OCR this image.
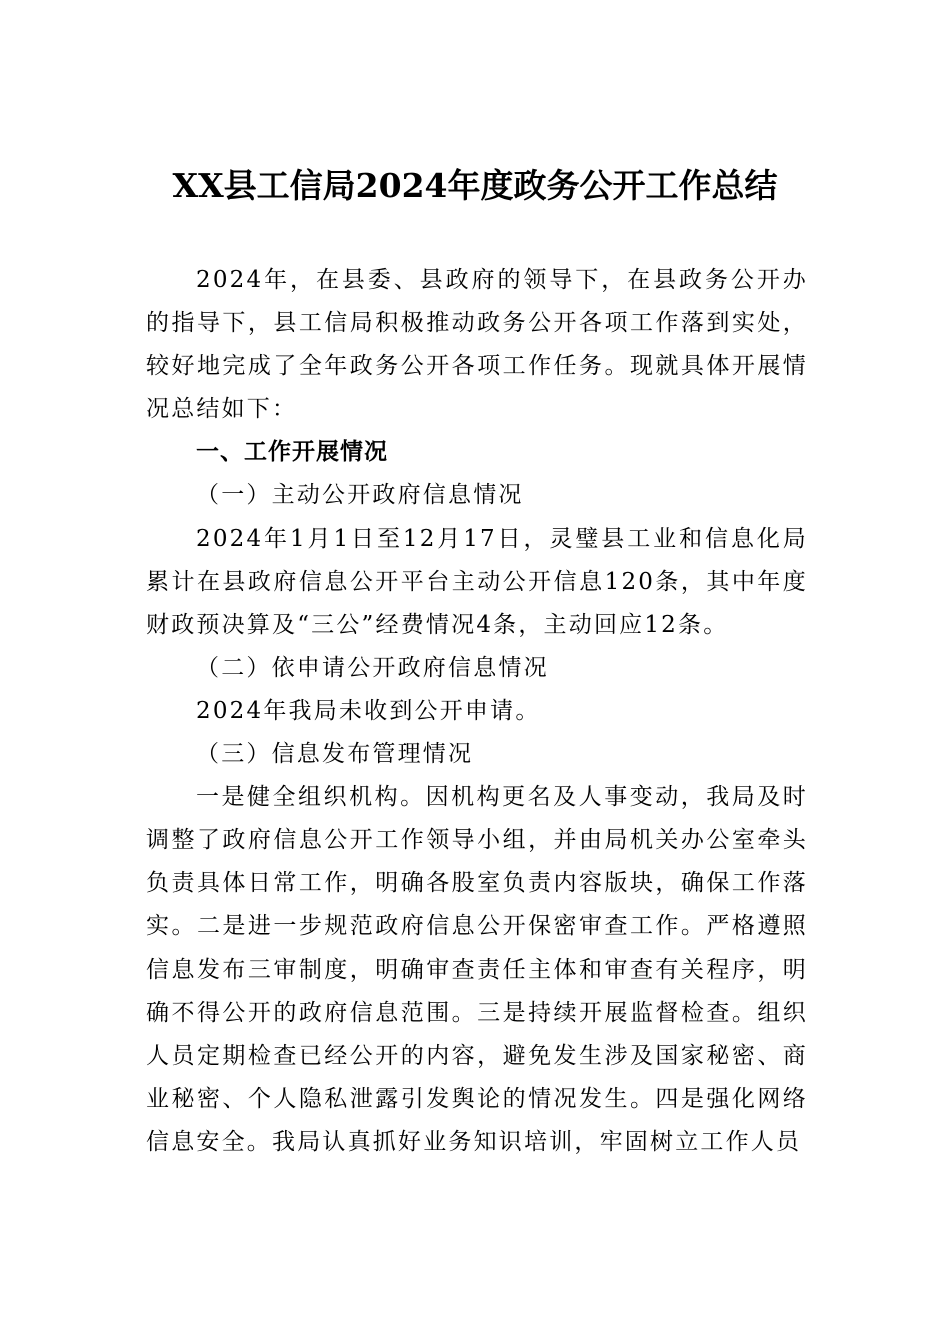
XX县工信局2024年度政务公开工作总结

2024年，在县委、县政府的领导下，在县政务公开办的指导下，县工信局积极推动政务公开各项工作落到实处，较好地完成了全年政务公开各项工作任务。现就具体开展情况总结如下：

一、工作开展情况

（一）主动公开政府信息情况

2024年1月1日至12月17日，灵璧县工业和信息化局累计在县政府信息公开平台主动公开信息120条，其中年度财政预决算及“三公”经费情况4条，主动回应12条。

（二）依申请公开政府信息情况

2024年我局未收到公开申请。

（三）信息发布管理情况

一是健全组织机构。因机构更名及人事变动，我局及时调整了政府信息公开工作领导小组，并由局机关办公室牵头负责具体日常工作，明确各股室负责内容版块，确保工作落实。二是进一步规范政府信息公开保密审查工作。严格遵照信息发布三审制度，明确审查责任主体和审查有关程序，明确不得公开的政府信息范围。三是持续开展监督检查。组织人员定期检查已经公开的内容，避免发生涉及国家秘密、商业秘密、个人隐私泄露引发舆论的情况发生。四是强化网络信息安全。我局认真抓好业务知识培训，牢固树立工作人员
